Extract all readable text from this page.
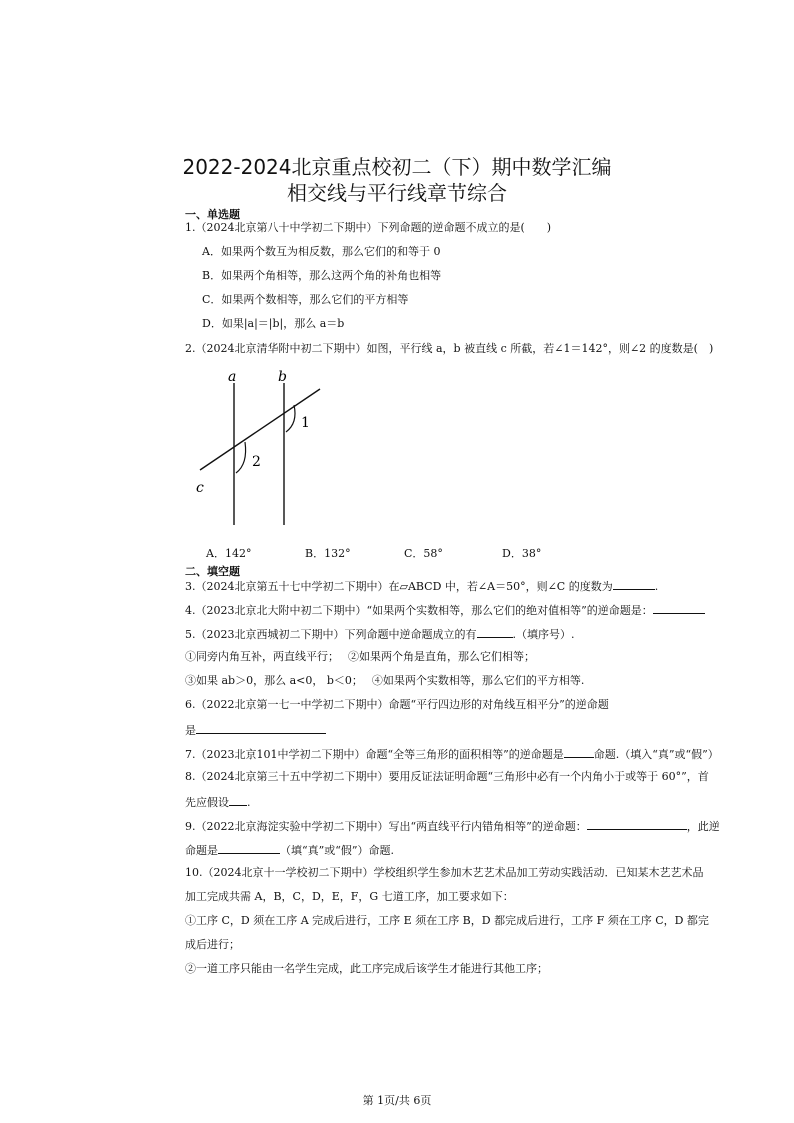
2022-2024北京重点校初二（下）期中数学汇编
相交线与平行线章节综合
一、单选题
1.（2024北京第八十中学初二下期中）下列命题的逆命题不成立的是(　　)
A．如果两个数互为相反数，那么它们的和等于 0
B．如果两个角相等，那么这两个角的补角也相等
C．如果两个数相等，那么它们的平方相等
D．如果|a|＝|b|，那么 a＝b
2.（2024北京清华附中初二下期中）如图，平行线 a，b 被直线 c 所截，若∠1＝142°，则∠2 的度数是(　)
a	b
c
1
2
A．142°	B．132°	C．58°	D．38°
二、填空题
3.（2024北京第五十七中学初二下期中）在▱ABCD 中，若∠A＝50°，则∠C 的度数为	.
4.（2023北京北大附中初二下期中）“如果两个实数相等，那么它们的绝对值相等”的逆命题是：
5.（2023北京西城初二下期中）下列命题中逆命题成立的有	.（填序号）.
①同旁内角互补，两直线平行；　 ②如果两个角是直角，那么它们相等；
③如果 ab＞0，那么 a<0， b＜0；　 ④如果两个实数相等，那么它们的平方相等.
6.（2022北京第一七一中学初二下期中）命题“平行四边形的对角线互相平分”的逆命题
是
7.（2023北京101中学初二下期中）命题“全等三角形的面积相等”的逆命题是	命题.（填入“真”或“假”）
8.（2024北京第三十五中学初二下期中）要用反证法证明命题“三角形中必有一个内角小于或等于 60°”，首
先应假设 .
9.（2022北京海淀实验中学初二下期中）写出“两直线平行内错角相等”的逆命题：	，此逆
命题是	（填“真”或“假”）命题.
10.（2024北京十一学校初二下期中）学校组织学生参加木艺艺术品加工劳动实践活动．已知某木艺艺术品
加工完成共需 A，B，C，D，E，F，G 七道工序，加工要求如下：
①工序 C，D 须在工序 A 完成后进行，工序 E 须在工序 B，D 都完成后进行，工序 F 须在工序 C，D 都完
成后进行；
②一道工序只能由一名学生完成，此工序完成后该学生才能进行其他工序；
第 1页/共 6页
